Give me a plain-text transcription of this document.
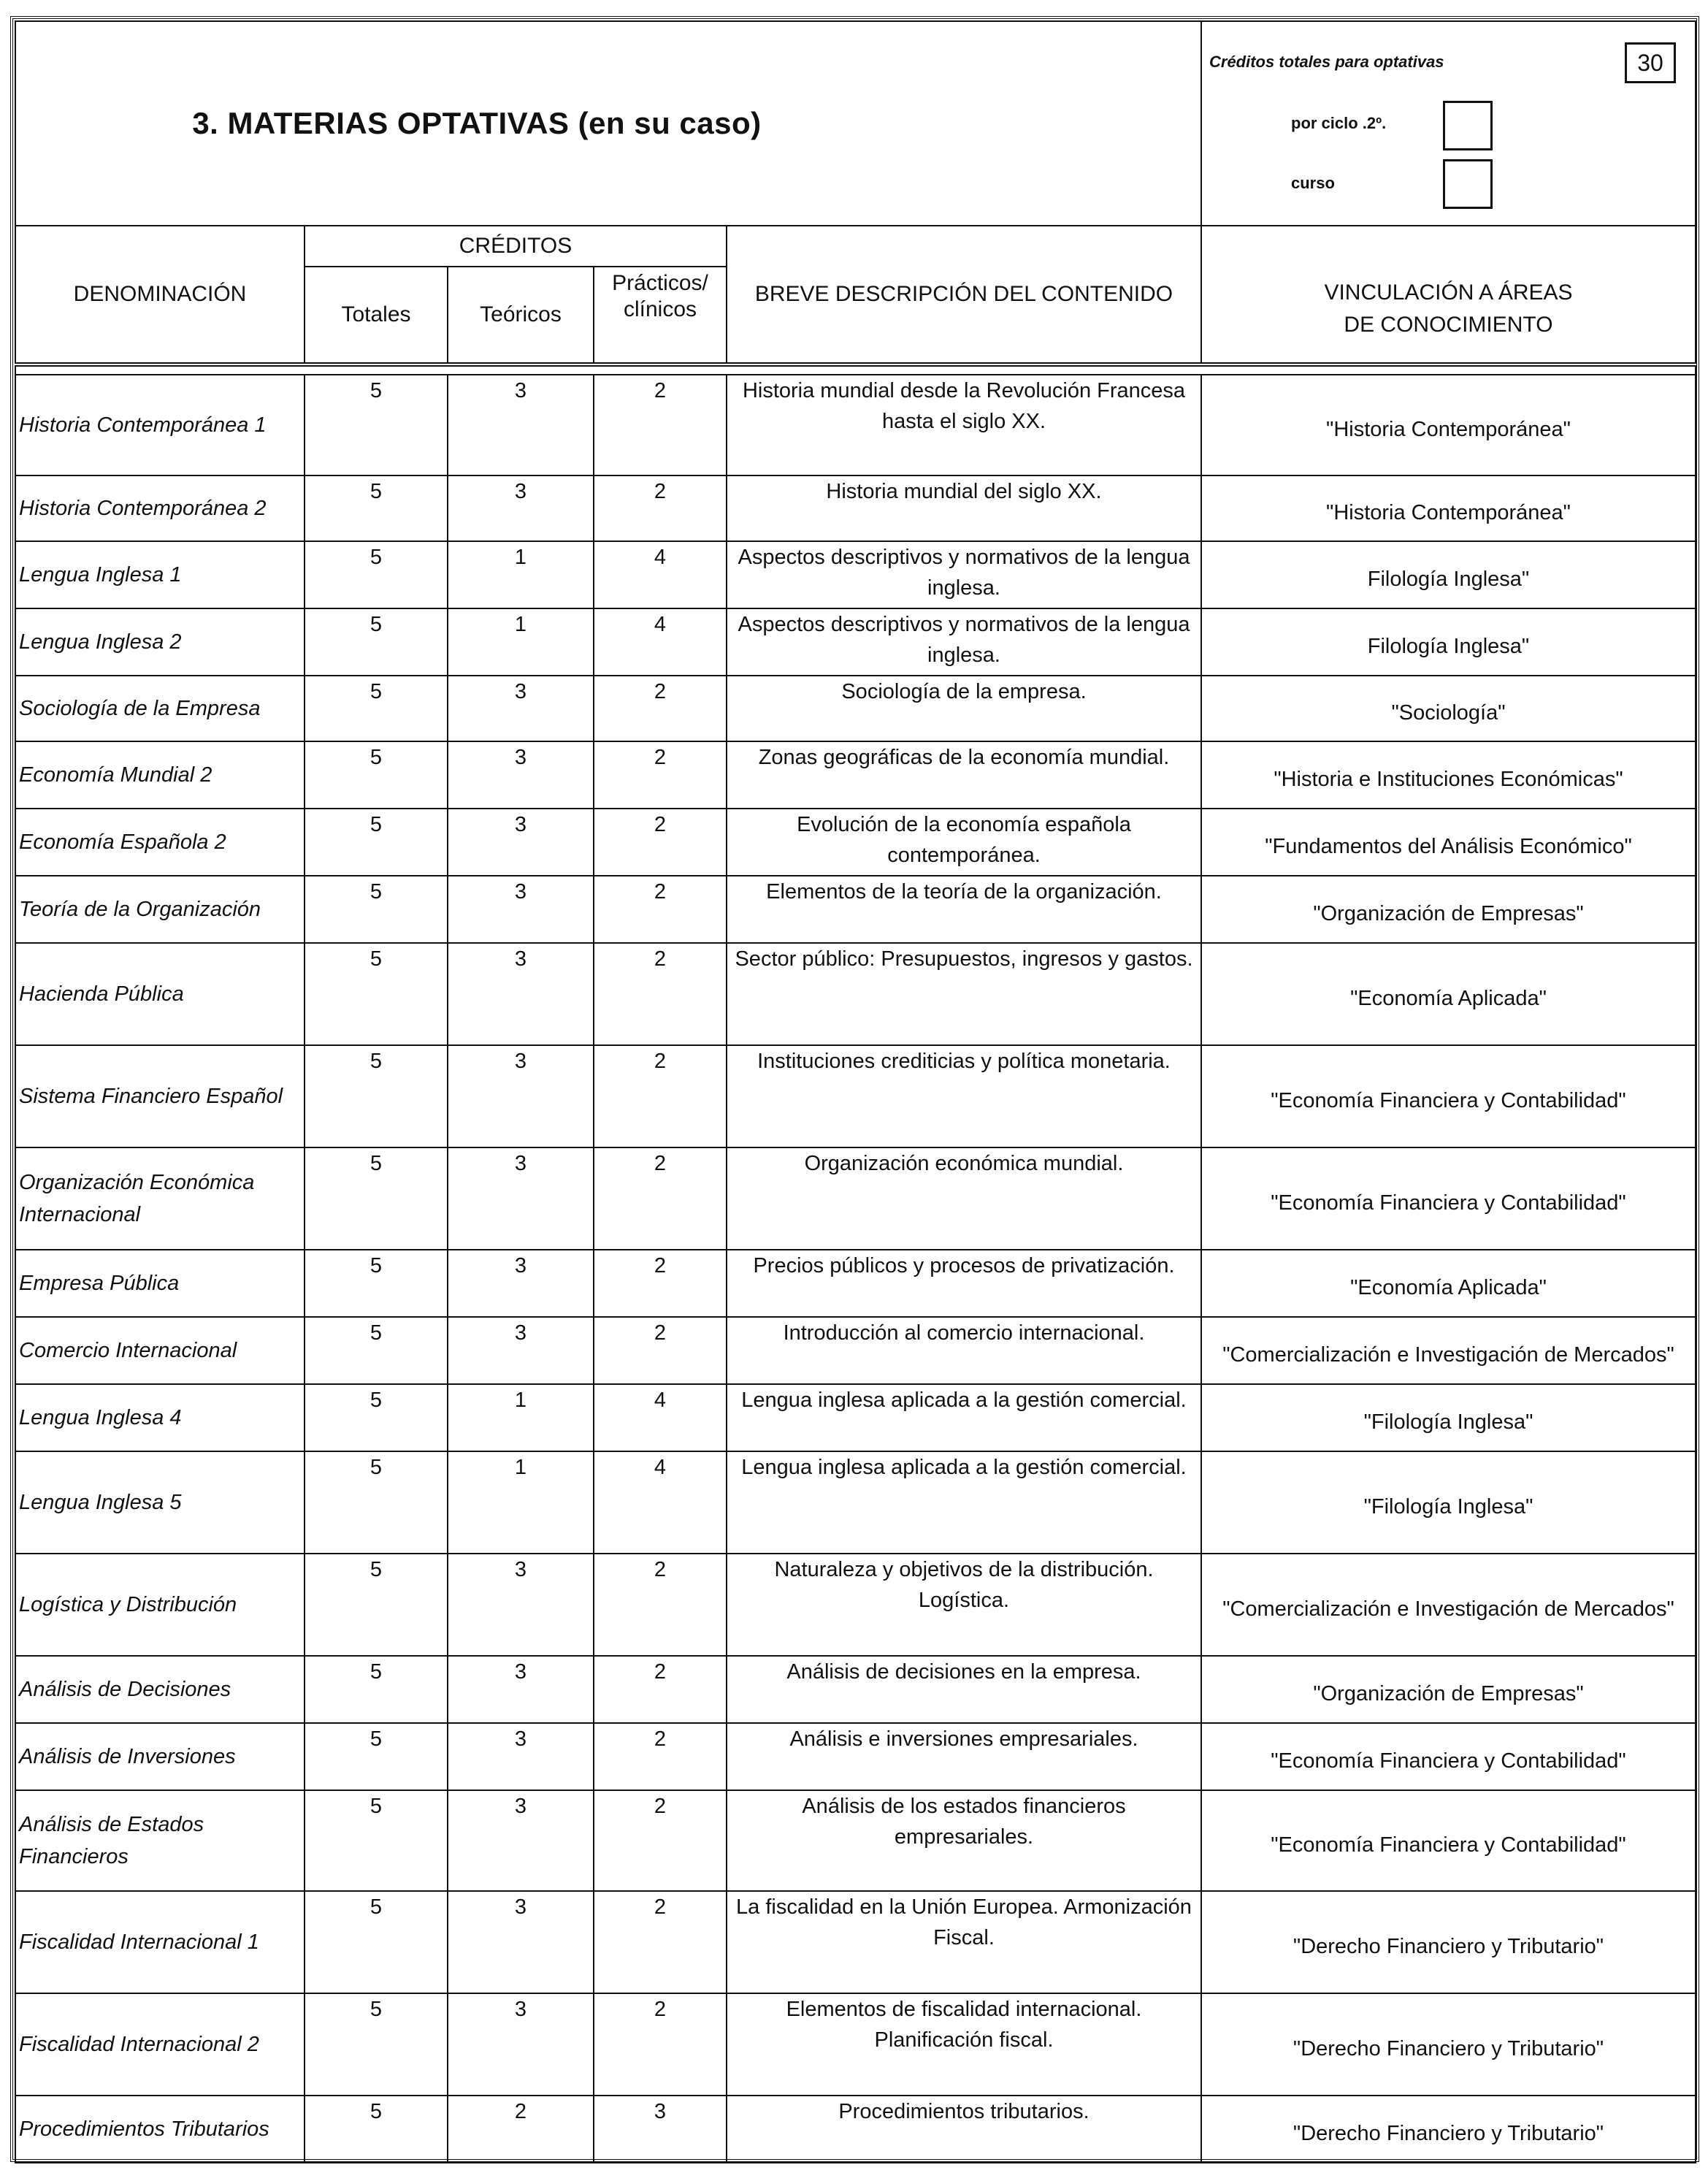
3. MATERIAS OPTATIVAS (en su caso)					Créditos totales para optativas 30
por ciclo .2º.
curso

DENOMINACIÓN	CRÉDITOS			BREVE DESCRIPCIÓN DEL CONTENIDO	VINCULACIÓN A ÁREAS
DE CONOCIMIENTO
	Totales	Teóricos	Prácticos/
clínicos		

Historia Contemporánea 1	5	3	2	Historia mundial desde la Revolución Francesa hasta el siglo XX.	"Historia Contemporánea"
Historia Contemporánea 2	5	3	2	Historia mundial del siglo XX.	"Historia Contemporánea"
Lengua Inglesa 1	5	1	4	Aspectos descriptivos y normativos de la lengua inglesa.	Filología Inglesa"
Lengua Inglesa 2	5	1	4	Aspectos descriptivos y normativos de la lengua inglesa.	Filología Inglesa"
Sociología de la Empresa	5	3	2	Sociología de la empresa.	"Sociología"
Economía Mundial 2	5	3	2	Zonas geográficas de la economía mundial.	"Historia e Instituciones Económicas"
Economía Española 2	5	3	2	Evolución de la economía española contemporánea.	"Fundamentos del Análisis Económico"
Teoría de la Organización	5	3	2	Elementos de la teoría de la organización.	"Organización de Empresas"
Hacienda Pública	5	3	2	Sector público: Presupuestos, ingresos y gastos.	"Economía Aplicada"
Sistema Financiero Español	5	3	2	Instituciones crediticias y política monetaria.	"Economía Financiera y Contabilidad"
Organización Económica Internacional	5	3	2	Organización económica mundial.	"Economía Financiera y Contabilidad"
Empresa Pública	5	3	2	Precios públicos y procesos de privatización.	"Economía Aplicada"
Comercio Internacional	5	3	2	Introducción al comercio internacional.	"Comercialización e Investigación de Mercados"
Lengua Inglesa 4	5	1	4	Lengua inglesa aplicada a la gestión comercial.	"Filología Inglesa"
Lengua Inglesa 5	5	1	4	Lengua inglesa aplicada a la gestión comercial.	"Filología Inglesa"
Logística y Distribución	5	3	2	Naturaleza y objetivos de la distribución. Logística.	"Comercialización e Investigación de Mercados"
Análisis de Decisiones	5	3	2	Análisis de decisiones en la empresa.	"Organización de Empresas"
Análisis de Inversiones	5	3	2	Análisis e inversiones empresariales.	"Economía Financiera y Contabilidad"
Análisis de Estados Financieros	5	3	2	Análisis de los estados financieros empresariales.	"Economía Financiera y Contabilidad"
Fiscalidad Internacional 1	5	3	2	La fiscalidad en la Unión Europea. Armonización Fiscal.	"Derecho Financiero y Tributario"
Fiscalidad Internacional 2	5	3	2	Elementos de fiscalidad internacional. Planificación fiscal.	"Derecho Financiero y Tributario"
Procedimientos Tributarios	5	2	3	Procedimientos tributarios.	"Derecho Financiero y Tributario"
